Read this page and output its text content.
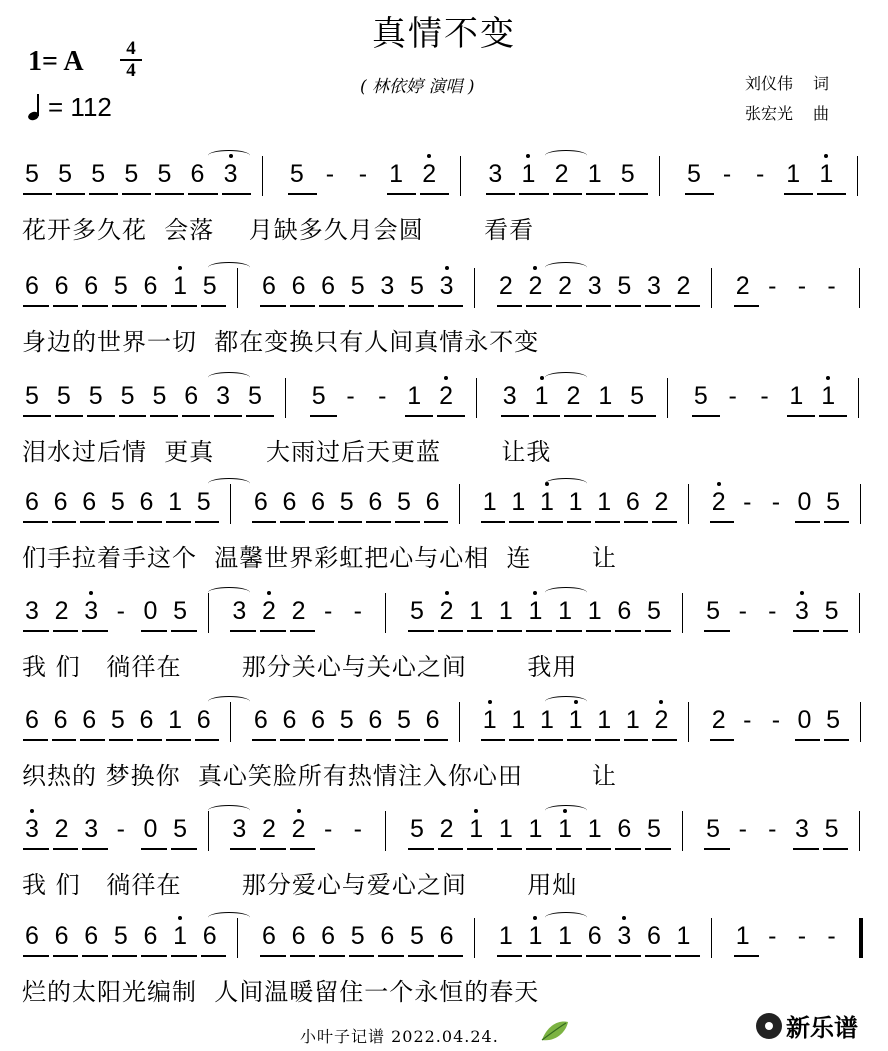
真情不变
1= A	4
4
= 112
( 林依婷 演唱 )	刘仪伟 词
张宏光 曲
5 5 5 5 5 6 3 5 - - 1 2 3 1 2 1 5 5 - - 1 1
花开多久花  会落    月缺多久月会圆       看看
6 6 6 5 6 1 5 6 6 6 5 3 5 3 2 2 2 3 5 3 2 2 - - -
身边的世界一切  都在变换只有人间真情永不变
5 5 5 5 5 6 3 5 5 - - 1 2 3 1 2 1 5 5 - - 1 1
泪水过后情  更真      大雨过后天更蓝       让我
6 6 6 5 6 1 5 6 6 6 5 6 5 6 1 1 1 1 1 6 2 2 - - 0 5
们手拉着手这个  温馨世界彩虹把心与心相  连       让
3 2 3 - 0 5 3 2 2 - - 5 2 1 1 1 1 1 6 5 5 - - 3 5
我 们   徜徉在       那分关心与关心之间       我用
6 6 6 5 6 1 6 6 6 6 5 6 5 6 1 1 1 1 1 1 2 2 - - 0 5
织热的 梦换你  真心笑脸所有热情注入你心田        让
3 2 3 - 0 5 3 2 2 - - 5 2 1 1 1 1 1 6 5 5 - - 3 5
我 们   徜徉在       那分爱心与爱心之间       用灿
6 6 6 5 6 1 6 6 6 6 5 6 5 6 1 1 1 6 3 6 1 1 - - -
烂的太阳光编制  人间温暖留住一个永恒的春天
小叶子记谱 2022.04.24.	新乐谱
